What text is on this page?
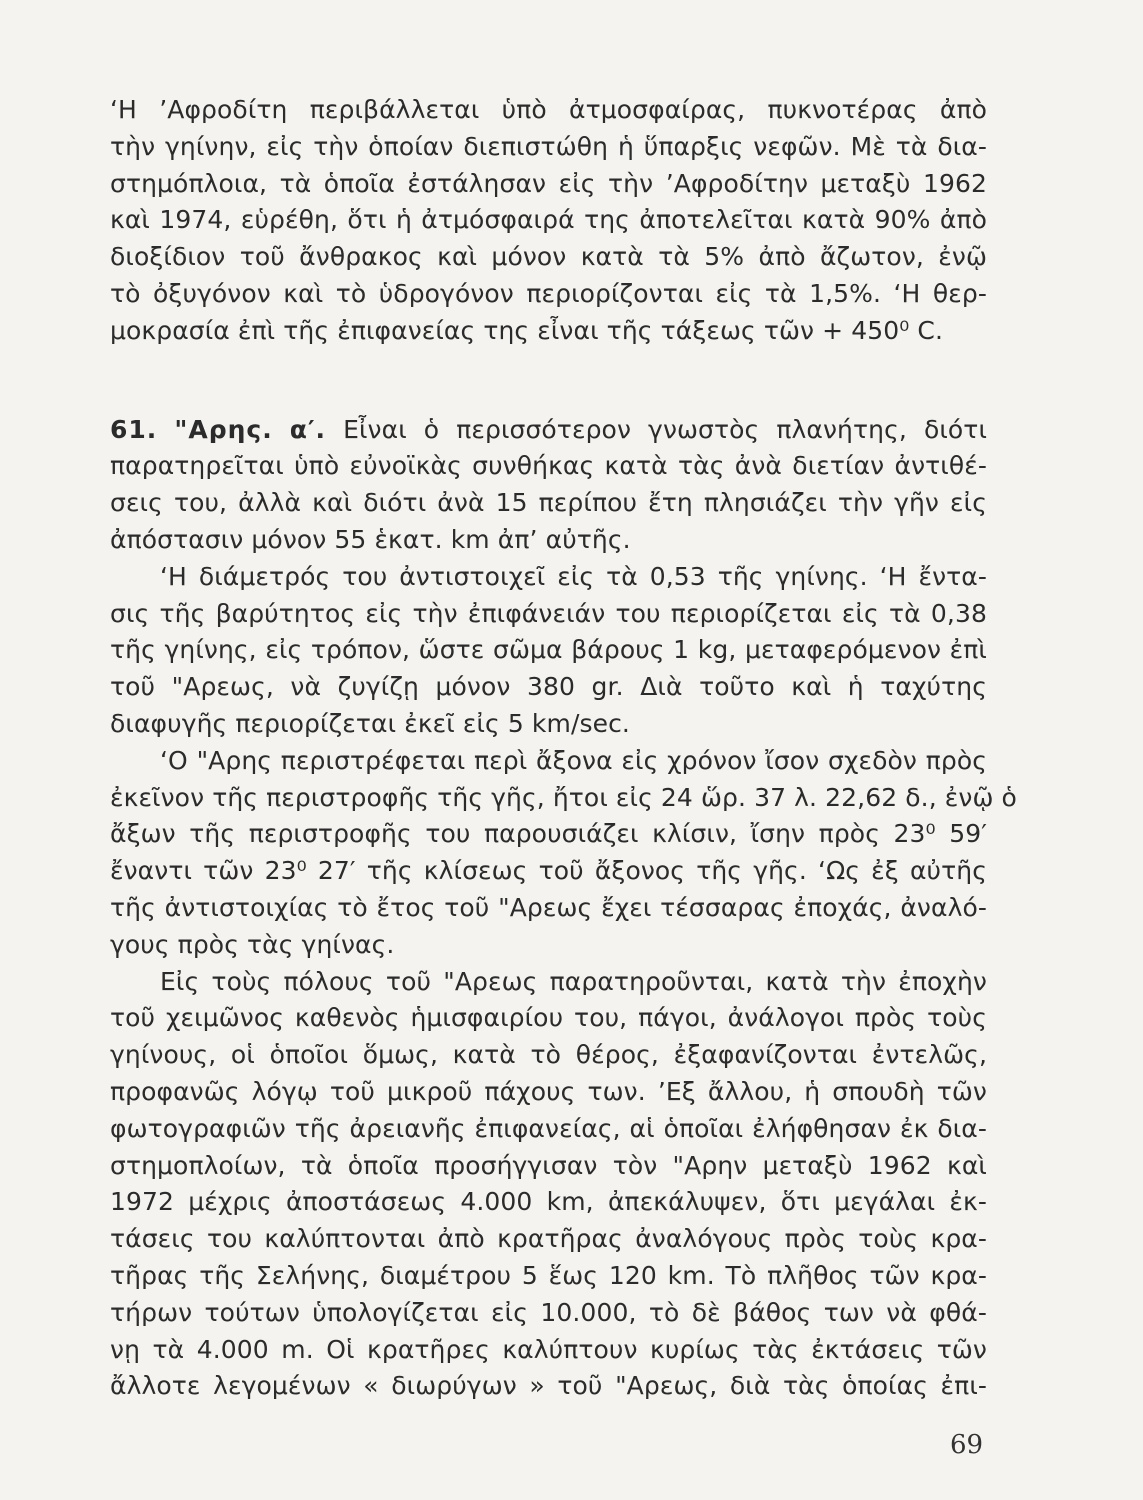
‘Η ’Αφροδίτη περιβάλλεται ὑπὸ ἀτμοσφαίρας, πυκνοτέρας ἀπὸ
τὴν γηίνην, εἰς τὴν ὁποίαν διεπιστώθη ἡ ὕπαρξις νεφῶν. Μὲ τὰ δια-
στημόπλοια, τὰ ὁποῖα ἐστάλησαν εἰς τὴν ’Αφροδίτην μεταξὺ 1962
καὶ 1974, εὑρέθη, ὅτι ἡ ἀτμόσφαιρά της ἀποτελεῖται κατὰ 90% ἀπὸ
διοξίδιον τοῦ ἄνθρακος καὶ μόνον κατὰ τὰ 5% ἀπὸ ἄζωτον, ἐνῷ
τὸ ὀξυγόνον καὶ τὸ ὑδρογόνον περιορίζονται εἰς τὰ 1,5%. ‘Η θερ-
μοκρασία ἐπὶ τῆς ἐπιφανείας της εἶναι τῆς τάξεως τῶν + 450⁰ C.
61. "Αρης. α′. Εἶναι ὁ περισσότερον γνωστὸς πλανήτης, διότι
παρατηρεῖται ὑπὸ εὐνοϊκὰς συνθήκας κατὰ τὰς ἀνὰ διετίαν ἀντιθέ-
σεις του, ἀλλὰ καὶ διότι ἀνὰ 15 περίπου ἔτη πλησιάζει τὴν γῆν εἰς
ἀπόστασιν μόνον 55 ἑκατ. km ἀπ’ αὐτῆς.
‘Η διάμετρός του ἀντιστοιχεῖ εἰς τὰ 0,53 τῆς γηίνης. ‘Η ἔντα-
σις τῆς βαρύτητος εἰς τὴν ἐπιφάνειάν του περιορίζεται εἰς τὰ 0,38
τῆς γηίνης, εἰς τρόπον, ὥστε σῶμα βάρους 1 kg, μεταφερόμενον ἐπὶ
τοῦ "Αρεως, νὰ ζυγίζῃ μόνον 380 gr. Διὰ τοῦτο καὶ ἡ ταχύτης
διαφυγῆς περιορίζεται ἐκεῖ εἰς 5 km/sec.
‘Ο "Αρης περιστρέφεται περὶ ἄξονα εἰς χρόνον ἴσον σχεδὸν πρὸς
ἐκεῖνον τῆς περιστροφῆς τῆς γῆς, ἤτοι εἰς 24 ὥρ. 37 λ. 22,62 δ., ἐνῷ ὁ
ἄξων τῆς περιστροφῆς του παρουσιάζει κλίσιν, ἴσην πρὸς 23⁰ 59′
ἔναντι τῶν 23⁰ 27′ τῆς κλίσεως τοῦ ἄξονος τῆς γῆς. ‘Ως ἐξ αὐτῆς
τῆς ἀντιστοιχίας τὸ ἔτος τοῦ "Αρεως ἔχει τέσσαρας ἐποχάς, ἀναλό-
γους πρὸς τὰς γηίνας.
Εἰς τοὺς πόλους τοῦ "Αρεως παρατηροῦνται, κατὰ τὴν ἐποχὴν
τοῦ χειμῶνος καθενὸς ἡμισφαιρίου του, πάγοι, ἀνάλογοι πρὸς τοὺς
γηίνους, οἱ ὁποῖοι ὅμως, κατὰ τὸ θέρος, ἐξαφανίζονται ἐντελῶς,
προφανῶς λόγῳ τοῦ μικροῦ πάχους των. ’Εξ ἄλλου, ἡ σπουδὴ τῶν
φωτογραφιῶν τῆς ἀρειανῆς ἐπιφανείας, αἱ ὁποῖαι ἐλήφθησαν ἐκ δια-
στημοπλοίων, τὰ ὁποῖα προσήγγισαν τὸν "Αρην μεταξὺ 1962 καὶ
1972 μέχρις ἀποστάσεως 4.000 km, ἀπεκάλυψεν, ὅτι μεγάλαι ἐκ-
τάσεις του καλύπτονται ἀπὸ κρατῆρας ἀναλόγους πρὸς τοὺς κρα-
τῆρας τῆς Σελήνης, διαμέτρου 5 ἕως 120 km. Τὸ πλῆθος τῶν κρα-
τήρων τούτων ὑπολογίζεται εἰς 10.000, τὸ δὲ βάθος των νὰ φθά-
νῃ τὰ 4.000 m. Οἱ κρατῆρες καλύπτουν κυρίως τὰς ἐκτάσεις τῶν
ἄλλοτε λεγομένων « διωρύγων » τοῦ "Αρεως, διὰ τὰς ὁποίας ἐπι-
69
